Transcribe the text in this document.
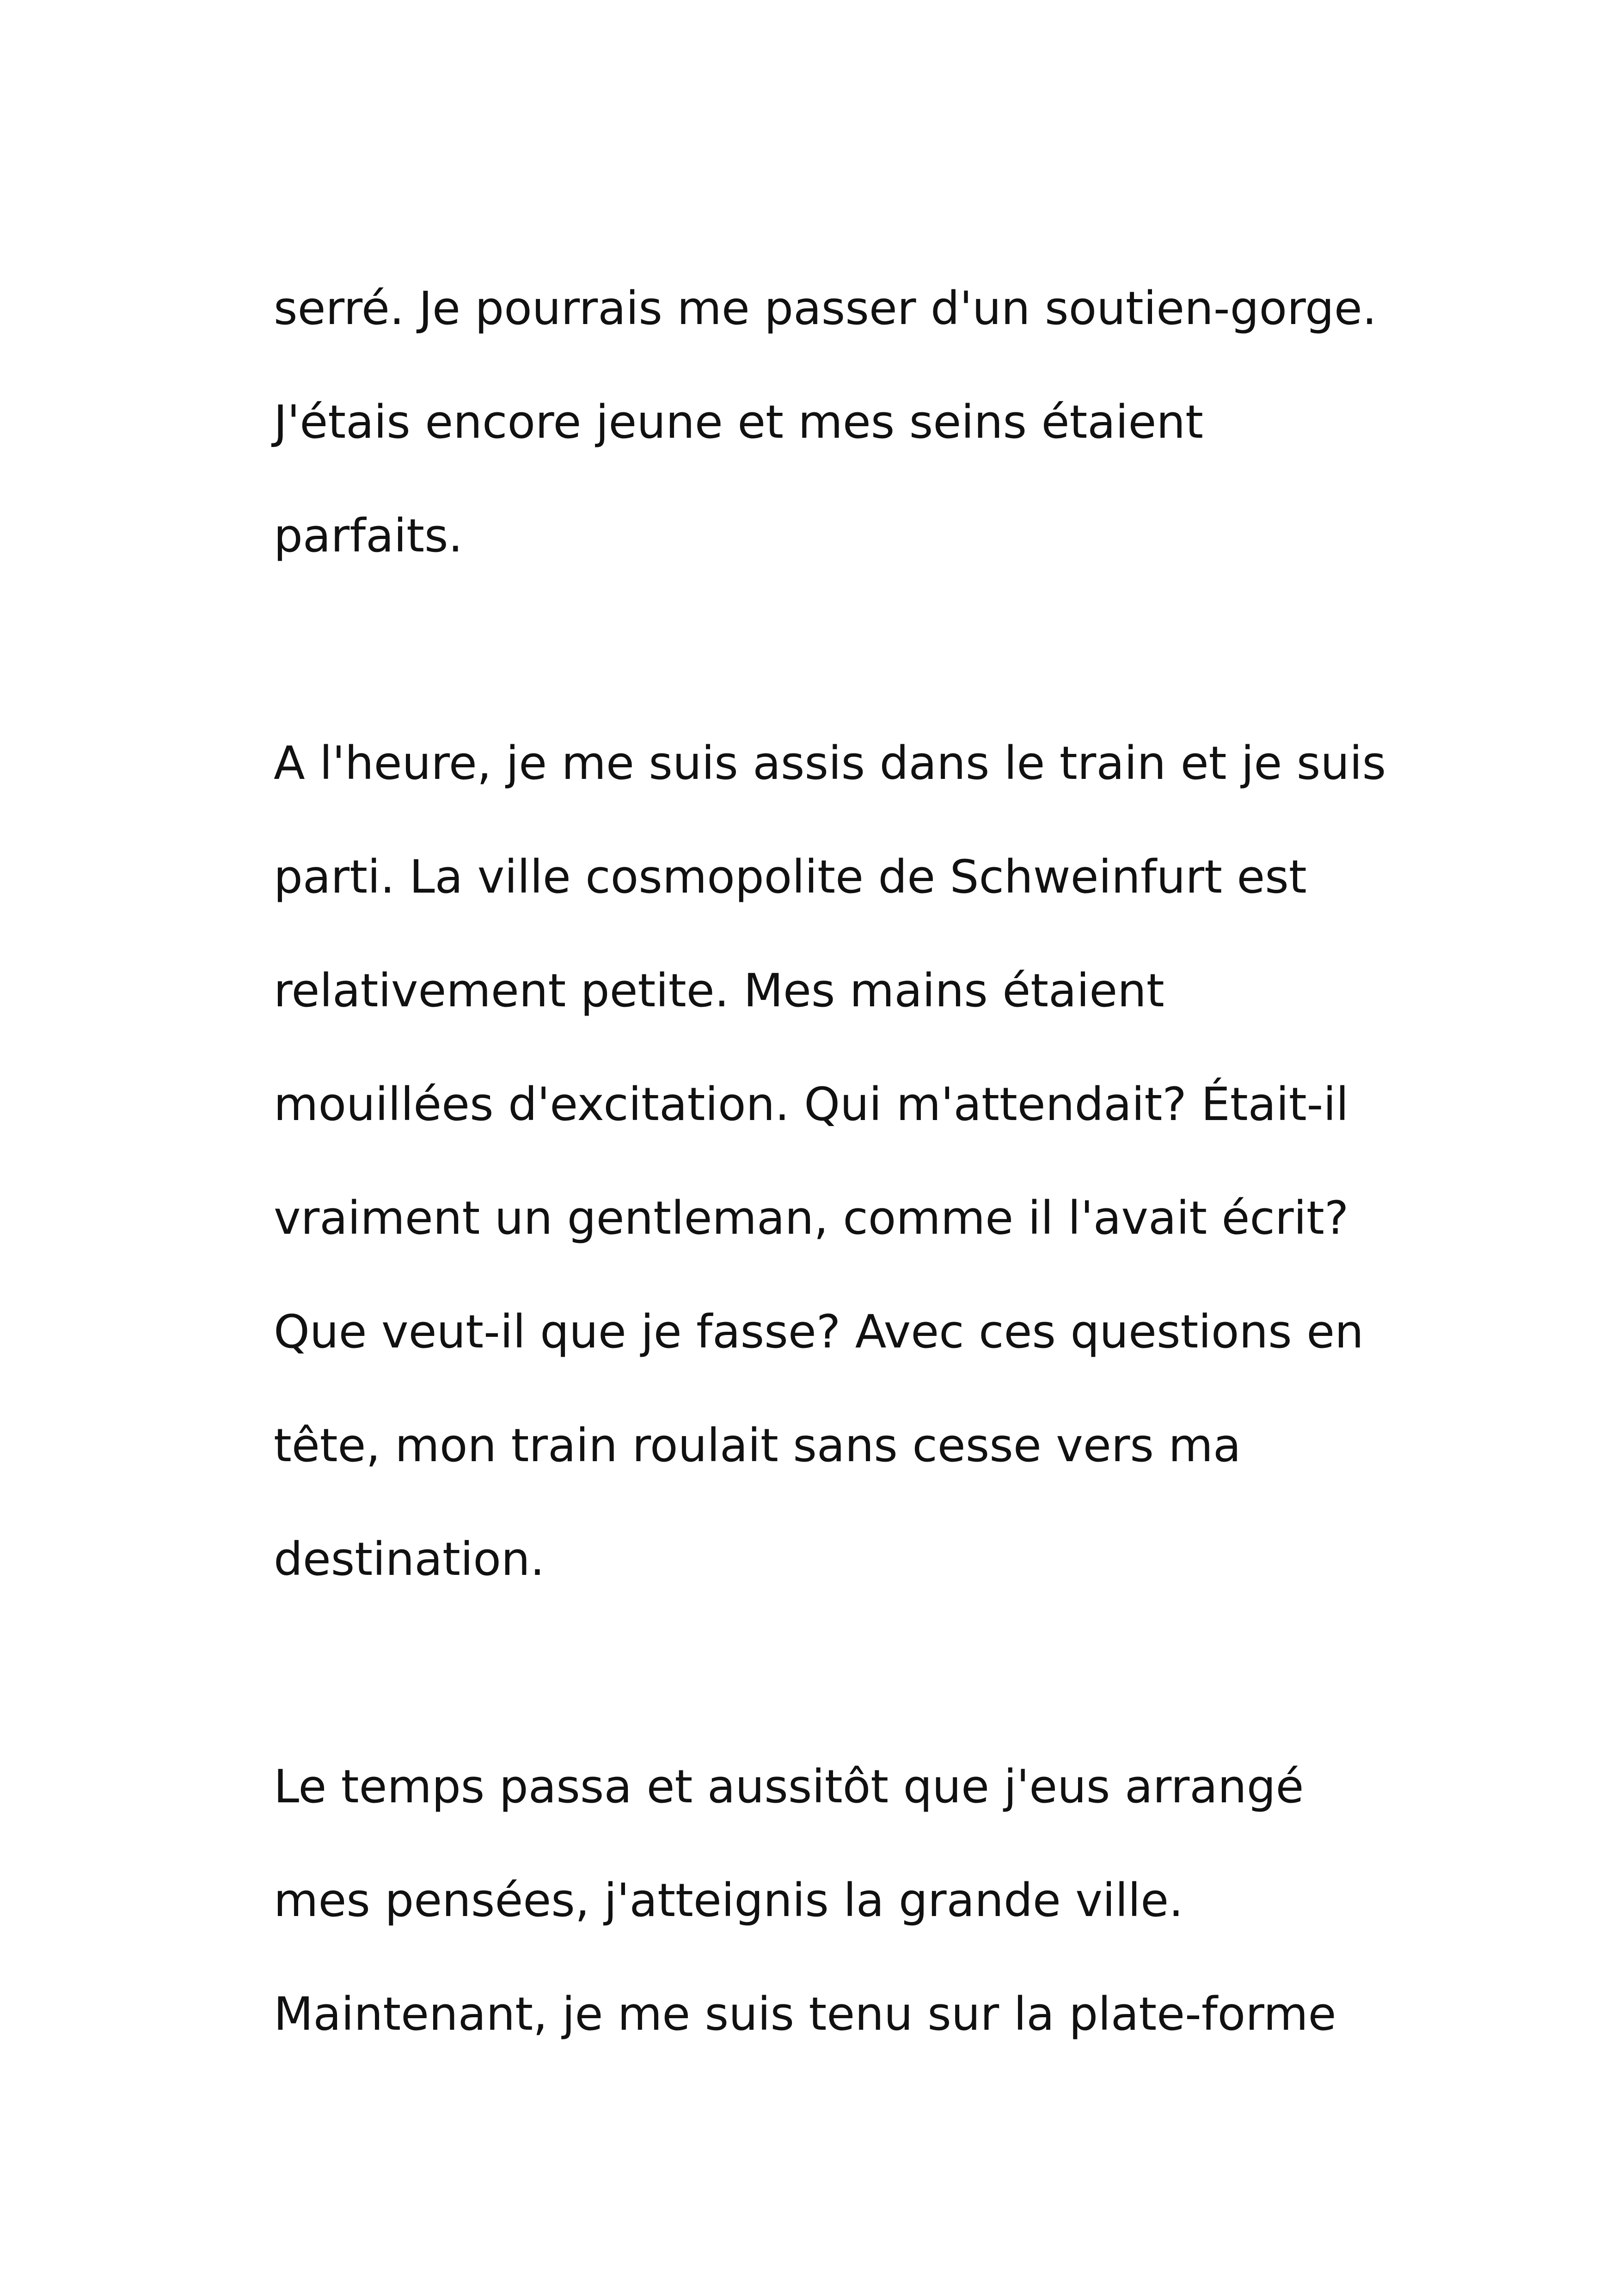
serré. Je pourrais me passer d'un soutien-gorge.
J'étais encore jeune et mes seins étaient
parfaits.

A l'heure, je me suis assis dans le train et je suis
parti. La ville cosmopolite de Schweinfurt est
relativement petite. Mes mains étaient
mouillées d'excitation. Qui m'attendait? Était-il
vraiment un gentleman, comme il l'avait écrit?
Que veut-il que je fasse? Avec ces questions en
tête, mon train roulait sans cesse vers ma
destination.

Le temps passa et aussitôt que j'eus arrangé
mes pensées, j'atteignis la grande ville.
Maintenant, je me suis tenu sur la plate-forme
